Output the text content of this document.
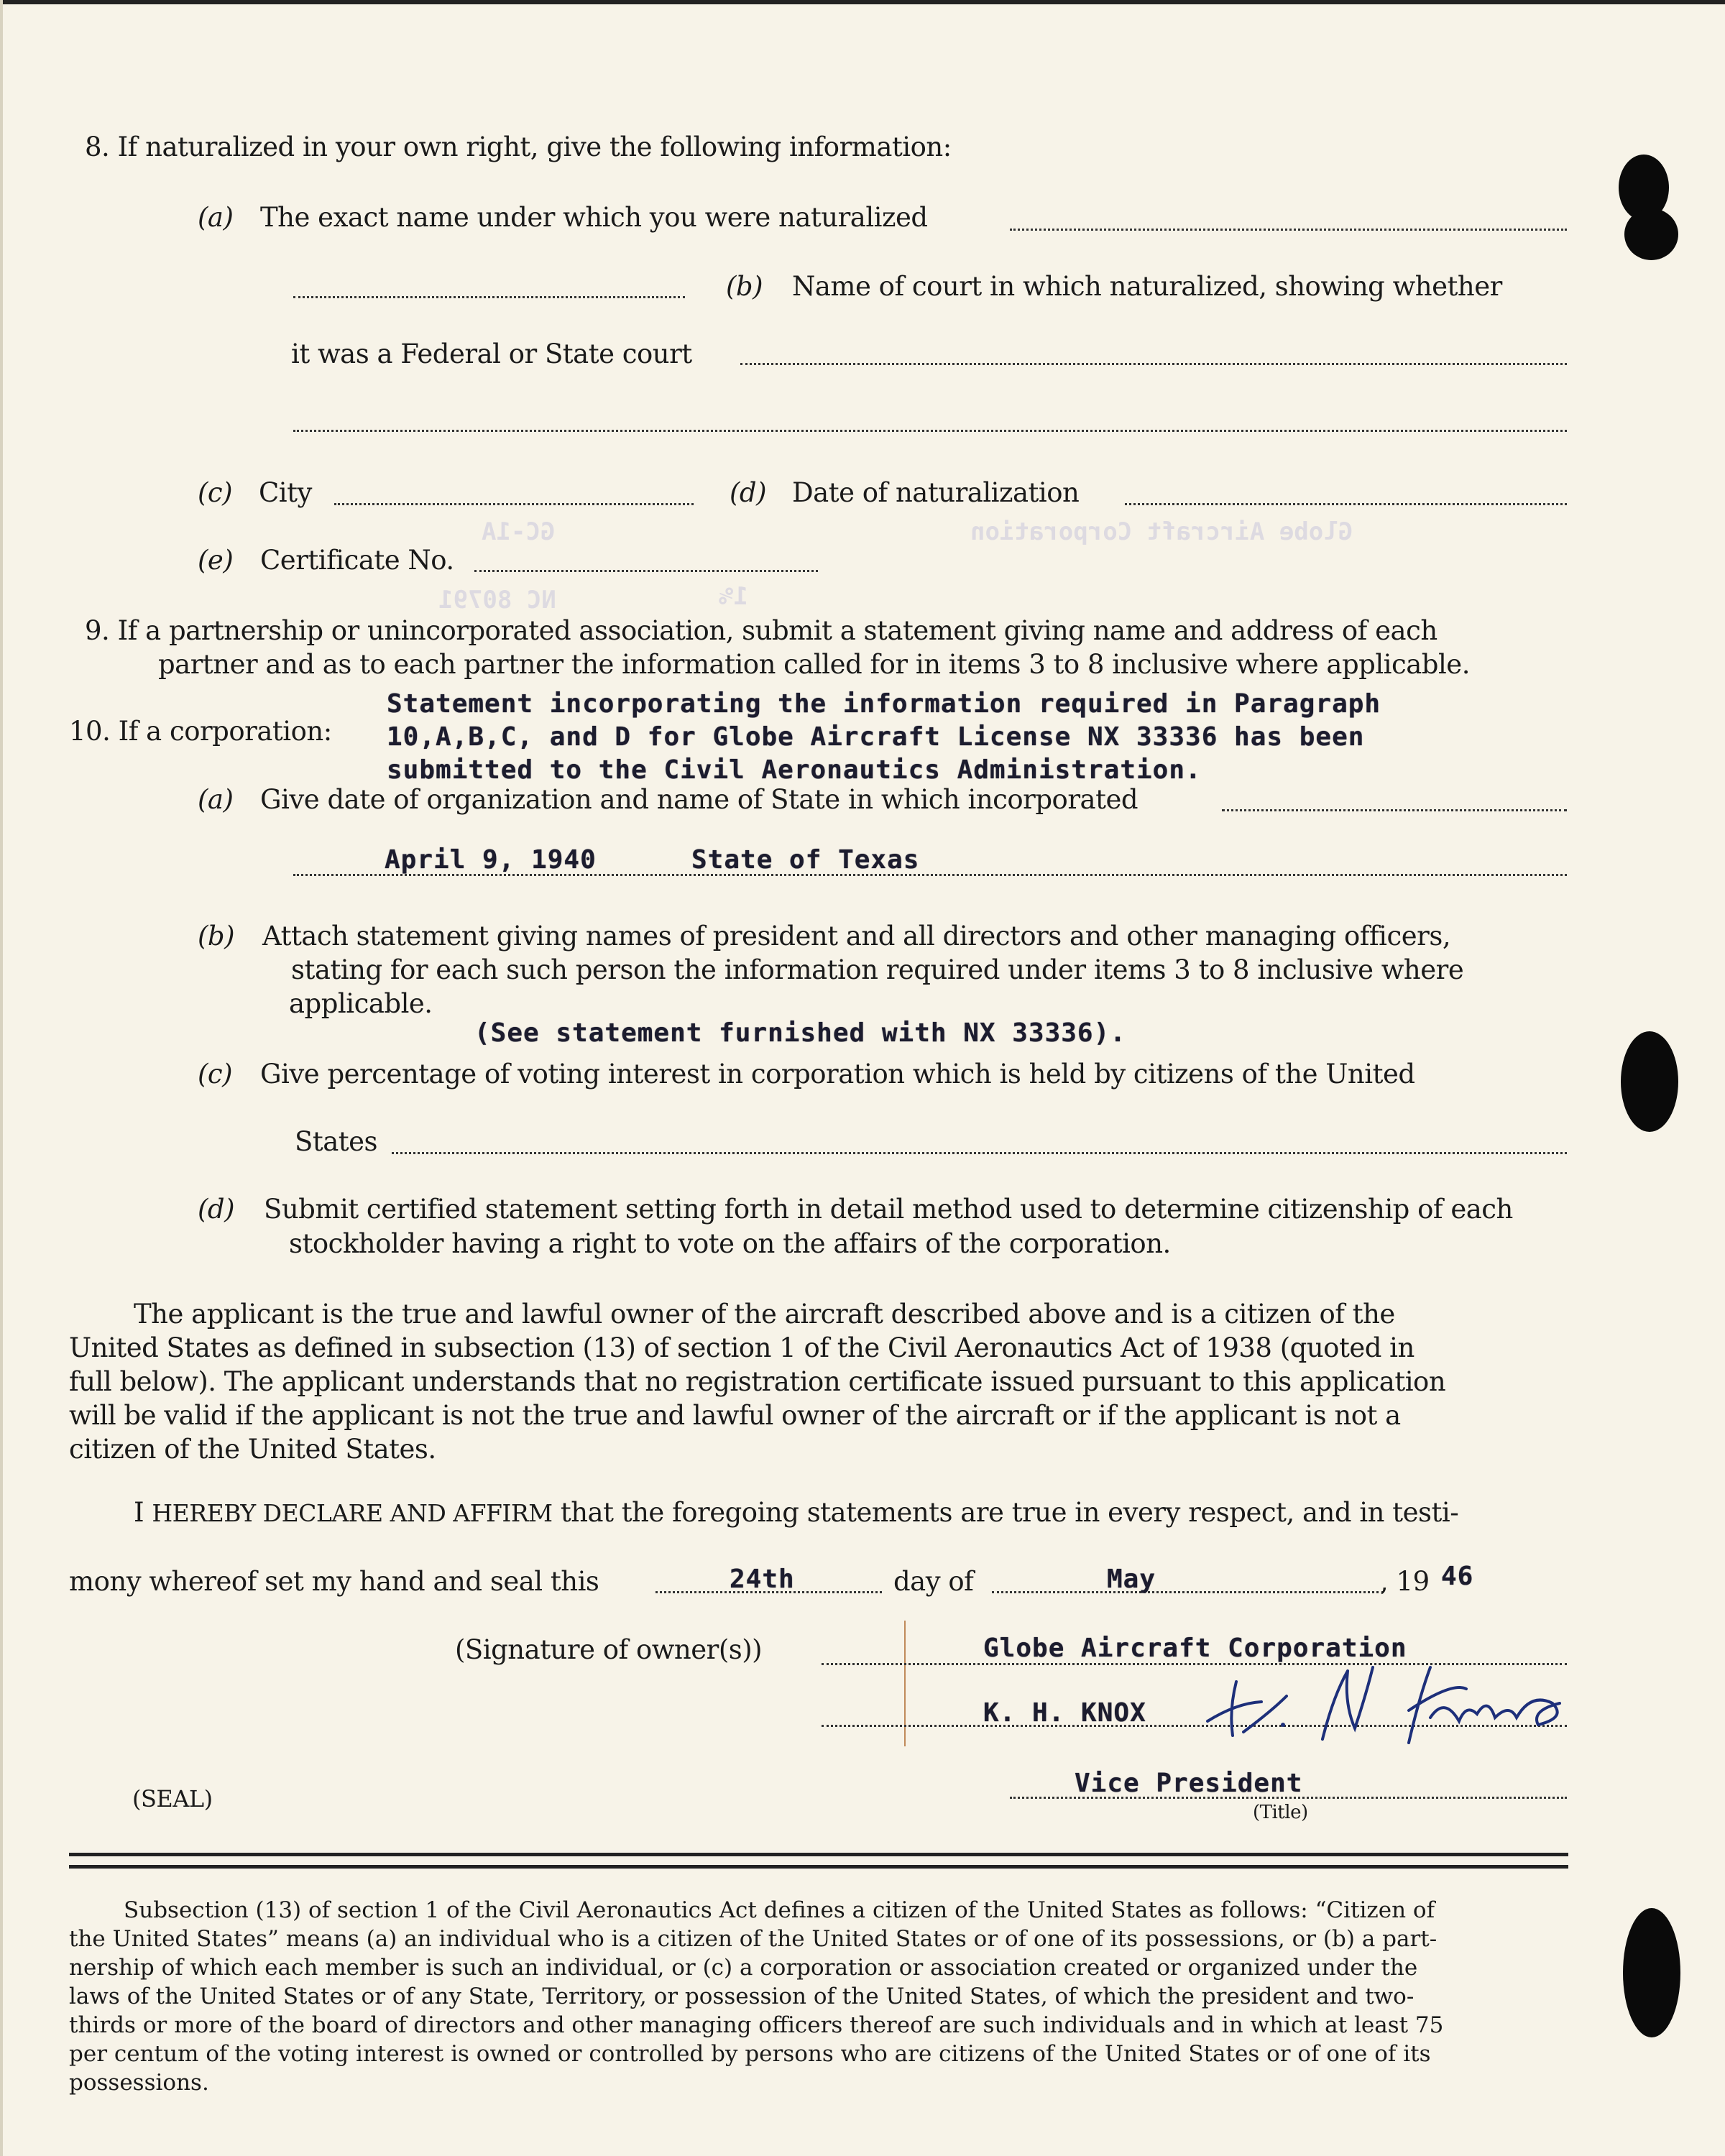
Globe Aircraft Corporation
GC-1A
1%
NC 80791
8. If naturalized in your own right, give the following information:
(a) The exact name under which you were naturalized
(b) Name of court in which naturalized, showing whether
it was a Federal or State court
(c) City	(d) Date of naturalization
(e) Certificate No.
9. If a partnership or unincorporated association, submit a statement giving name and address of each
partner and as to each partner the information called for in items 3 to 8 inclusive where applicable.
Statement incorporating the information required in Paragraph
10. If a corporation: 10,A,B,C, and D for Globe Aircraft License NX 33336 has been
submitted to the Civil Aeronautics Administration.
(a) Give date of organization and name of State in which incorporated
April 9, 1940	State of Texas
(b) Attach statement giving names of president and all directors and other managing officers,
stating for each such person the information required under items 3 to 8 inclusive where
applicable.
(See statement furnished with NX 33336).
(c) Give percentage of voting interest in corporation which is held by citizens of the United
States
(d) Submit certified statement setting forth in detail method used to determine citizenship of each
stockholder having a right to vote on the affairs of the corporation.
The applicant is the true and lawful owner of the aircraft described above and is a citizen of the
United States as defined in subsection (13) of section 1 of the Civil Aeronautics Act of 1938 (quoted in
full below). The applicant understands that no registration certificate issued pursuant to this application
will be valid if the applicant is not the true and lawful owner of the aircraft or if the applicant is not a
citizen of the United States.
I HEREBY DECLARE AND AFFIRM that the foregoing statements are true in every respect, and in testi-
mony whereof set my hand and seal this	24th	day of	May	, 19 46
(Signature of owner(s))	Globe Aircraft Corporation
K. H. KNOX
(SEAL)
Vice President
(Title)
Subsection (13) of section 1 of the Civil Aeronautics Act defines a citizen of the United States as follows: “Citizen of
the United States” means (a) an individual who is a citizen of the United States or of one of its possessions, or (b) a part-
nership of which each member is such an individual, or (c) a corporation or association created or organized under the
laws of the United States or of any State, Territory, or possession of the United States, of which the president and two-
thirds or more of the board of directors and other managing officers thereof are such individuals and in which at least 75
per centum of the voting interest is owned or controlled by persons who are citizens of the United States or of one of its
possessions.
